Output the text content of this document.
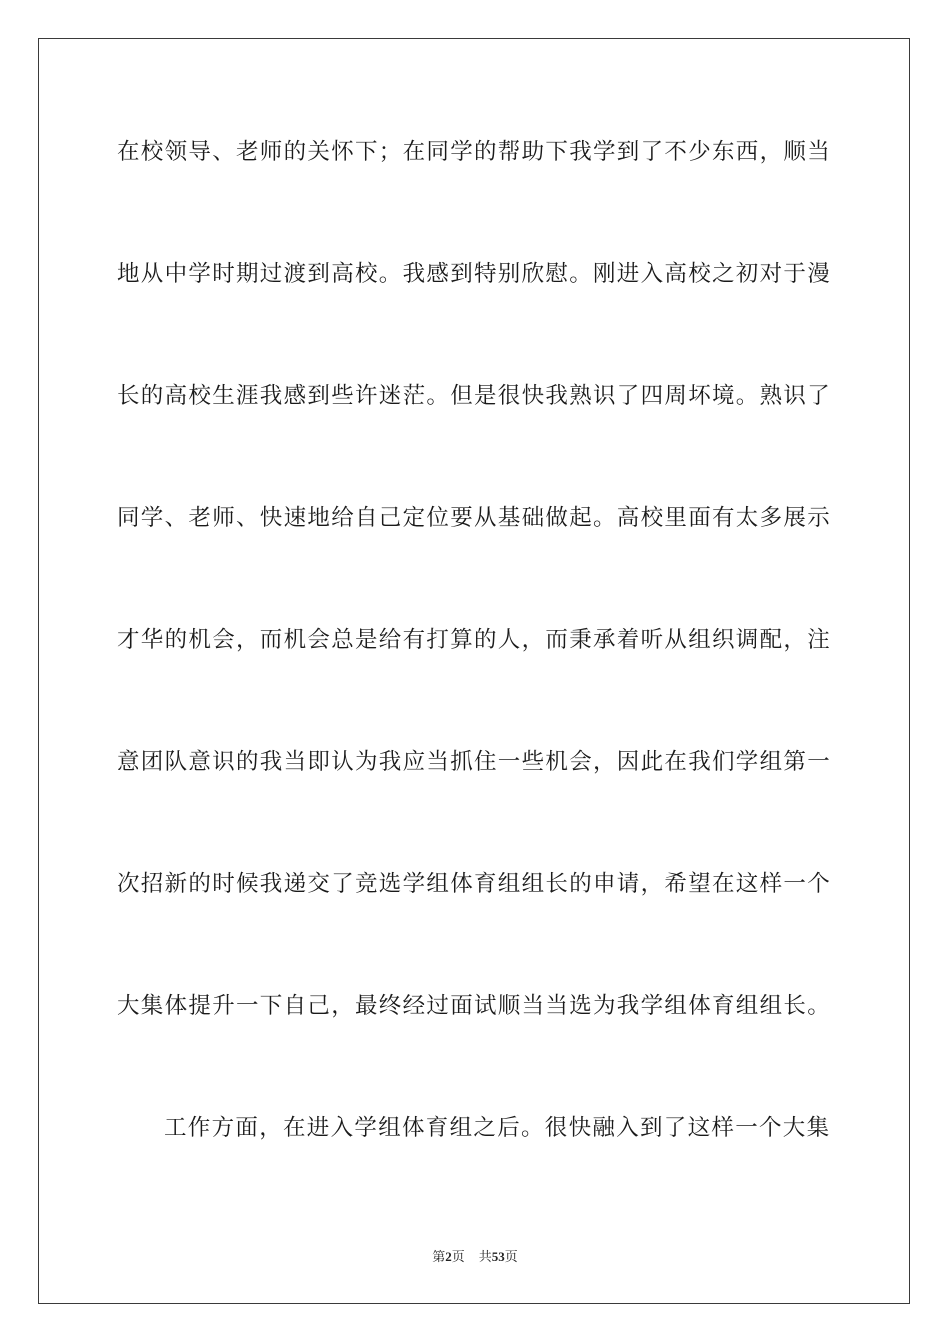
在校领导、老师的关怀下；在同学的帮助下我学到了不少东西，顺当
地从中学时期过渡到高校。我感到特别欣慰。刚进入高校之初对于漫
长的高校生涯我感到些许迷茫。但是很快我熟识了四周坏境。熟识了
同学、老师、快速地给自己定位要从基础做起。高校里面有太多展示
才华的机会，而机会总是给有打算的人，而秉承着听从组织调配，注
意团队意识的我当即认为我应当抓住一些机会，因此在我们学组第一
次招新的时候我递交了竞选学组体育组组长的申请，希望在这样一个
大集体提升一下自己，最终经过面试顺当当选为我学组体育组组长。
工作方面，在进入学组体育组之后。很快融入到了这样一个大集
第2页 共53页
